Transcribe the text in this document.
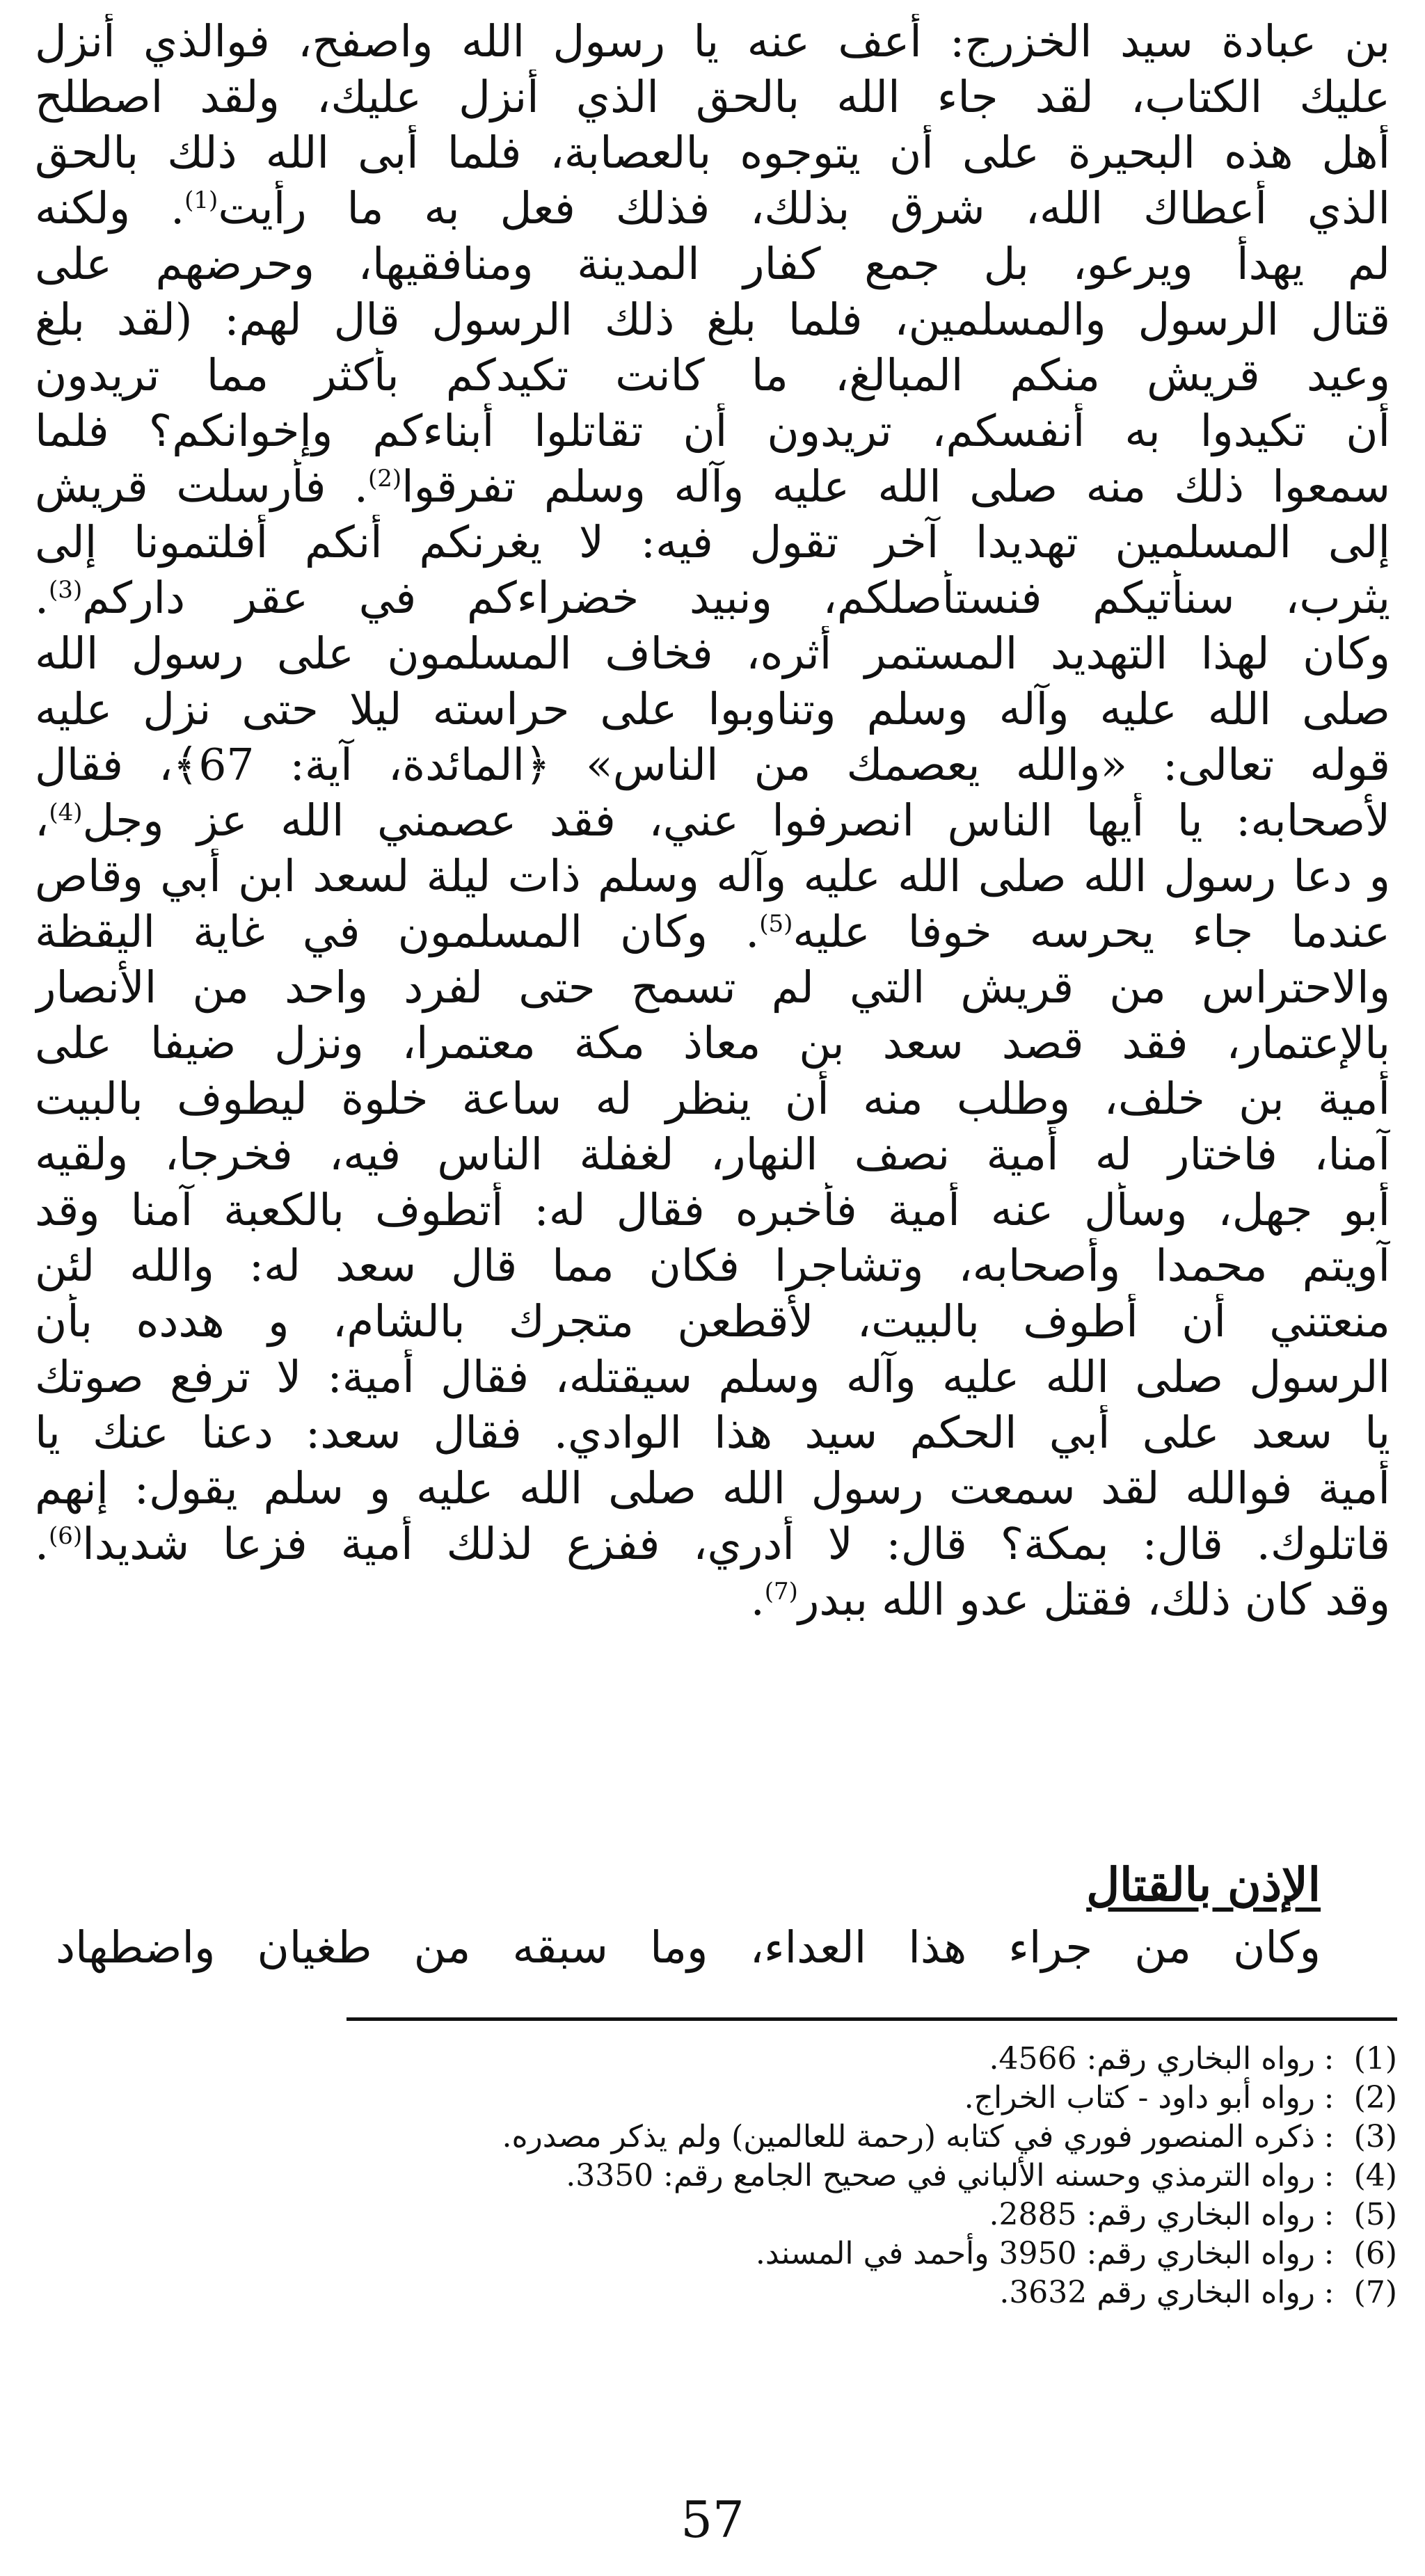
بن عبادة سيد الخزرج: أعف عنه يا رسول الله واصفح، فوالذي أنزل
عليك الكتاب، لقد جاء الله بالحق الذي أنزل عليك، ولقد اصطلح
أهل هذه البحيرة على أن يتوجوه بالعصابة، فلما أبى الله ذلك بالحق
الذي أعطاك الله، شرق بذلك، فذلك فعل به ما رأيت$^{(1)}$. ولكنه
لم يهدأ ويرعو، بل جمع كفار المدينة ومنافقيها، وحرضهم على
قتال الرسول والمسلمين، فلما بلغ ذلك الرسول قال لهم: (لقد بلغ
وعيد قريش منكم المبالغ، ما كانت تكيدكم بأكثر مما تريدون
أن تكيدوا به أنفسكم، تريدون أن تقاتلوا أبناءكم وإخوانكم؟ فلما
سمعوا ذلك منه صلى الله عليه وآله وسلم تفرقوا$^{(2)}$. فأرسلت قريش
إلى المسلمين تهديدا آخر تقول فيه: لا يغرنكم أنكم أفلتمونا إلى
يثرب، سنأتيكم فنستأصلكم، ونبيد خضراءكم في عقر داركم$^{(3)}$.
وكان لهذا التهديد المستمر أثره، فخاف المسلمون على رسول الله
صلى الله عليه وآله وسلم وتناوبوا على حراسته ليلا حتى نزل عليه
قوله تعالى: «والله يعصمك من الناس» ﴿المائدة، آية: 67﴾، فقال
لأصحابه: يا أيها الناس انصرفوا عني، فقد عصمني الله عز وجل$^{(4)}$،
و دعا رسول الله صلى الله عليه وآله وسلم ذات ليلة لسعد ابن أبي وقاص
عندما جاء يحرسه خوفا عليه$^{(5)}$. وكان المسلمون في غاية اليقظة
والاحتراس من قريش التي لم تسمح حتى لفرد واحد من الأنصار
بالإعتمار، فقد قصد سعد بن معاذ مكة معتمرا، ونزل ضيفا على
أمية بن خلف، وطلب منه أن ينظر له ساعة خلوة ليطوف بالبيت
آمنا، فاختار له أمية نصف النهار، لغفلة الناس فيه، فخرجا، ولقيه
أبو جهل، وسأل عنه أمية فأخبره فقال له: أتطوف بالكعبة آمنا وقد
آويتم محمدا وأصحابه، وتشاجرا فكان مما قال سعد له: والله لئن
منعتني أن أطوف بالبيت، لأقطعن متجرك بالشام، و هدده بأن
الرسول صلى الله عليه وآله وسلم سيقتله، فقال أمية: لا ترفع صوتك
يا سعد على أبي الحكم سيد هذا الوادي. فقال سعد: دعنا عنك يا
أمية فوالله لقد سمعت رسول الله صلى الله عليه و سلم يقول: إنهم
قاتلوك. قال: بمكة؟ قال: لا أدري، ففزع لذلك أمية فزعا شديدا$^{(6)}$.
وقد كان ذلك، فقتل عدو الله ببدر$^{(7)}$.
الإذن بالقتال
وكان من جراء هذا العداء، وما سبقه من طغيان واضطهاد
(1)
:
رواه البخاري رقم: 4566.
(2)
:
رواه أبو داود - كتاب الخراج.
(3)
:
ذكره المنصور فوري في كتابه (رحمة للعالمين) ولم يذكر مصدره.
(4)
:
رواه الترمذي وحسنه الألباني في صحيح الجامع رقم: 3350.
(5)
:
رواه البخاري رقم: 2885.
(6)
:
رواه البخاري رقم: 3950 وأحمد في المسند.
(7)
:
رواه البخاري رقم 3632.
57
